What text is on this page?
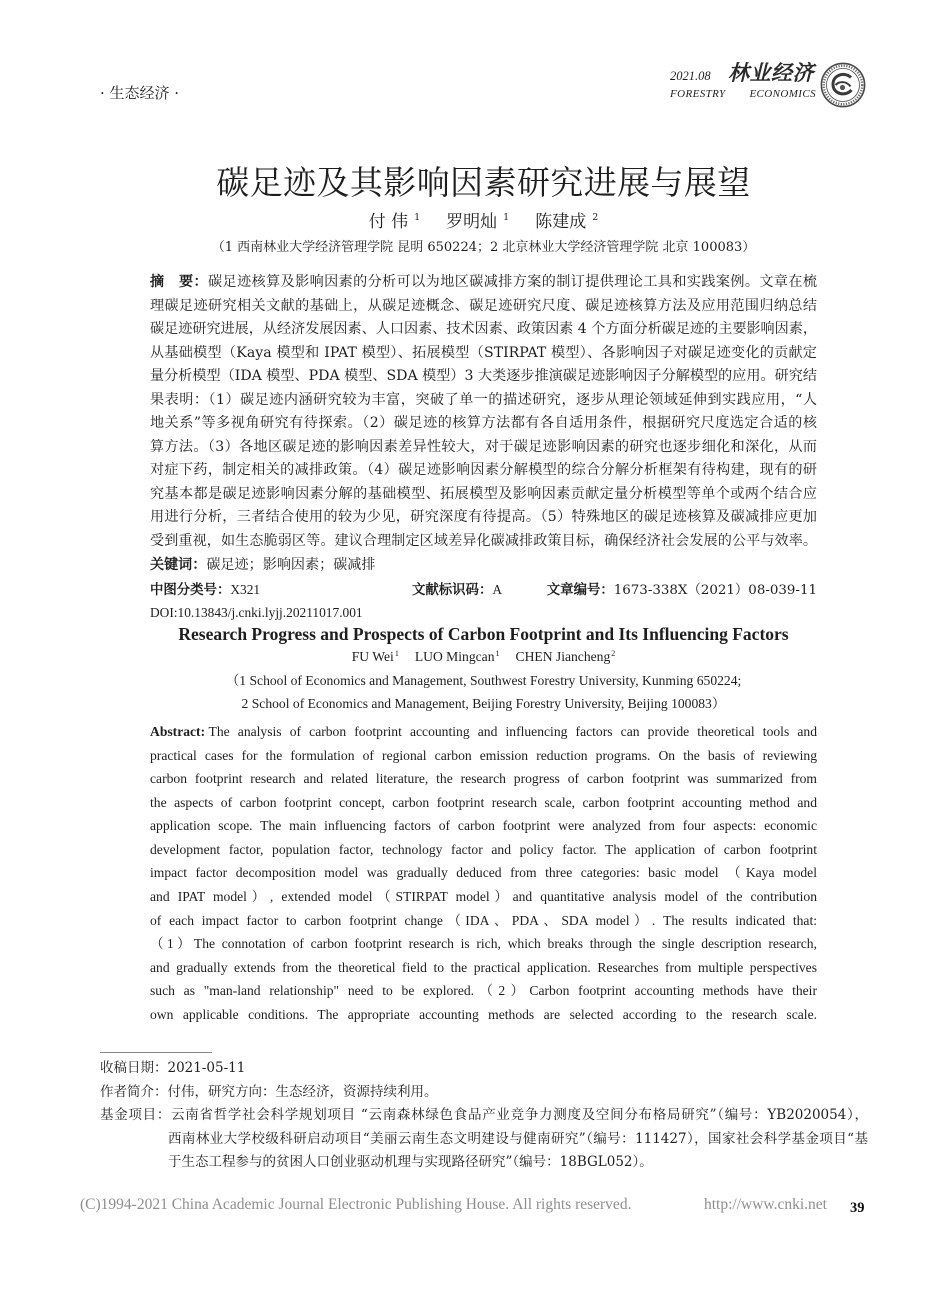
· 生态经济 ·
2021.08 林业经济
FORESTRY ECONOMICS
碳足迹及其影响因素研究进展与展望
付 伟 $^1$ 罗明灿 $^1$ 陈建成 $^2$
（1 西南林业大学经济管理学院 昆明 650224；2 北京林业大学经济管理学院 北京 100083）
摘　要：碳足迹核算及影响因素的分析可以为地区碳减排方案的制订提供理论工具和实践案例。文章在梳
理碳足迹研究相关文献的基础上，从碳足迹概念、碳足迹研究尺度、碳足迹核算方法及应用范围归纳总结
碳足迹研究进展，从经济发展因素、人口因素、技术因素、政策因素 4 个方面分析碳足迹的主要影响因素，
从基础模型（Kaya 模型和 IPAT 模型）、拓展模型（STIRPAT 模型）、各影响因子对碳足迹变化的贡献定
量分析模型（IDA 模型、PDA 模型、SDA 模型）3 大类逐步推演碳足迹影响因子分解模型的应用。研究结
果表明：（1）碳足迹内涵研究较为丰富，突破了单一的描述研究，逐步从理论领域延伸到实践应用，“人
地关系”等多视角研究有待探索。（2）碳足迹的核算方法都有各自适用条件，根据研究尺度选定合适的核
算方法。（3）各地区碳足迹的影响因素差异性较大，对于碳足迹影响因素的研究也逐步细化和深化，从而
对症下药，制定相关的减排政策。（4）碳足迹影响因素分解模型的综合分解分析框架有待构建，现有的研
究基本都是碳足迹影响因素分解的基础模型、拓展模型及影响因素贡献定量分析模型等单个或两个结合应
用进行分析，三者结合使用的较为少见，研究深度有待提高。（5）特殊地区的碳足迹核算及碳减排应更加
受到重视，如生态脆弱区等。建议合理制定区域差异化碳减排政策目标，确保经济社会发展的公平与效率。
关键词：碳足迹；影响因素；碳减排
中图分类号：X321	文献标识码：A	文章编号：1673-338X（2021）08-039-11
DOI:10.13843/j.cnki.lyjj.20211017.001
Research Progress and Prospects of Carbon Footprint and Its Influencing Factors
FU Wei$^1$ LUO Mingcan$^1$ CHEN Jiancheng$^2$
（1 School of Economics and Management, Southwest Forestry University, Kunming 650224;
2 School of Economics and Management, Beijing Forestry University, Beijing 100083）
Abstract: The analysis of carbon footprint accounting and influencing factors can provide theoretical tools and
practical cases for the formulation of regional carbon emission reduction programs. On the basis of reviewing
carbon footprint research and related literature, the research progress of carbon footprint was summarized from
the aspects of carbon footprint concept, carbon footprint research scale, carbon footprint accounting method and
application scope. The main influencing factors of carbon footprint were analyzed from four aspects: economic
development factor, population factor, technology factor and policy factor. The application of carbon footprint
impact factor decomposition model was gradually deduced from three categories: basic model （Kaya model
and IPAT model）, extended model（STIRPAT model）and quantitative analysis model of the contribution
of each impact factor to carbon footprint change（IDA、PDA、SDA model）. The results indicated that:
（1）The connotation of carbon footprint research is rich, which breaks through the single description research,
and gradually extends from the theoretical field to the practical application. Researches from multiple perspectives
such as "man-land relationship" need to be explored.（2）Carbon footprint accounting methods have their
own applicable conditions. The appropriate accounting methods are selected according to the research scale.
收稿日期：2021-05-11
作者简介：付伟，研究方向：生态经济，资源持续利用。
基金项目：云南省哲学社会科学规划项目 “云南森林绿色食品产业竞争力测度及空间分布格局研究”（编号：YB2020054），
西南林业大学校级科研启动项目“美丽云南生态文明建设与健南研究”（编号：111427），国家社会科学基金项目“基
于生态工程参与的贫困人口创业驱动机理与实现路径研究”（编号：18BGL052）。
(C)1994-2021 China Academic Journal Electronic Publishing House. All rights reserved.	http://www.cnki.net 39
